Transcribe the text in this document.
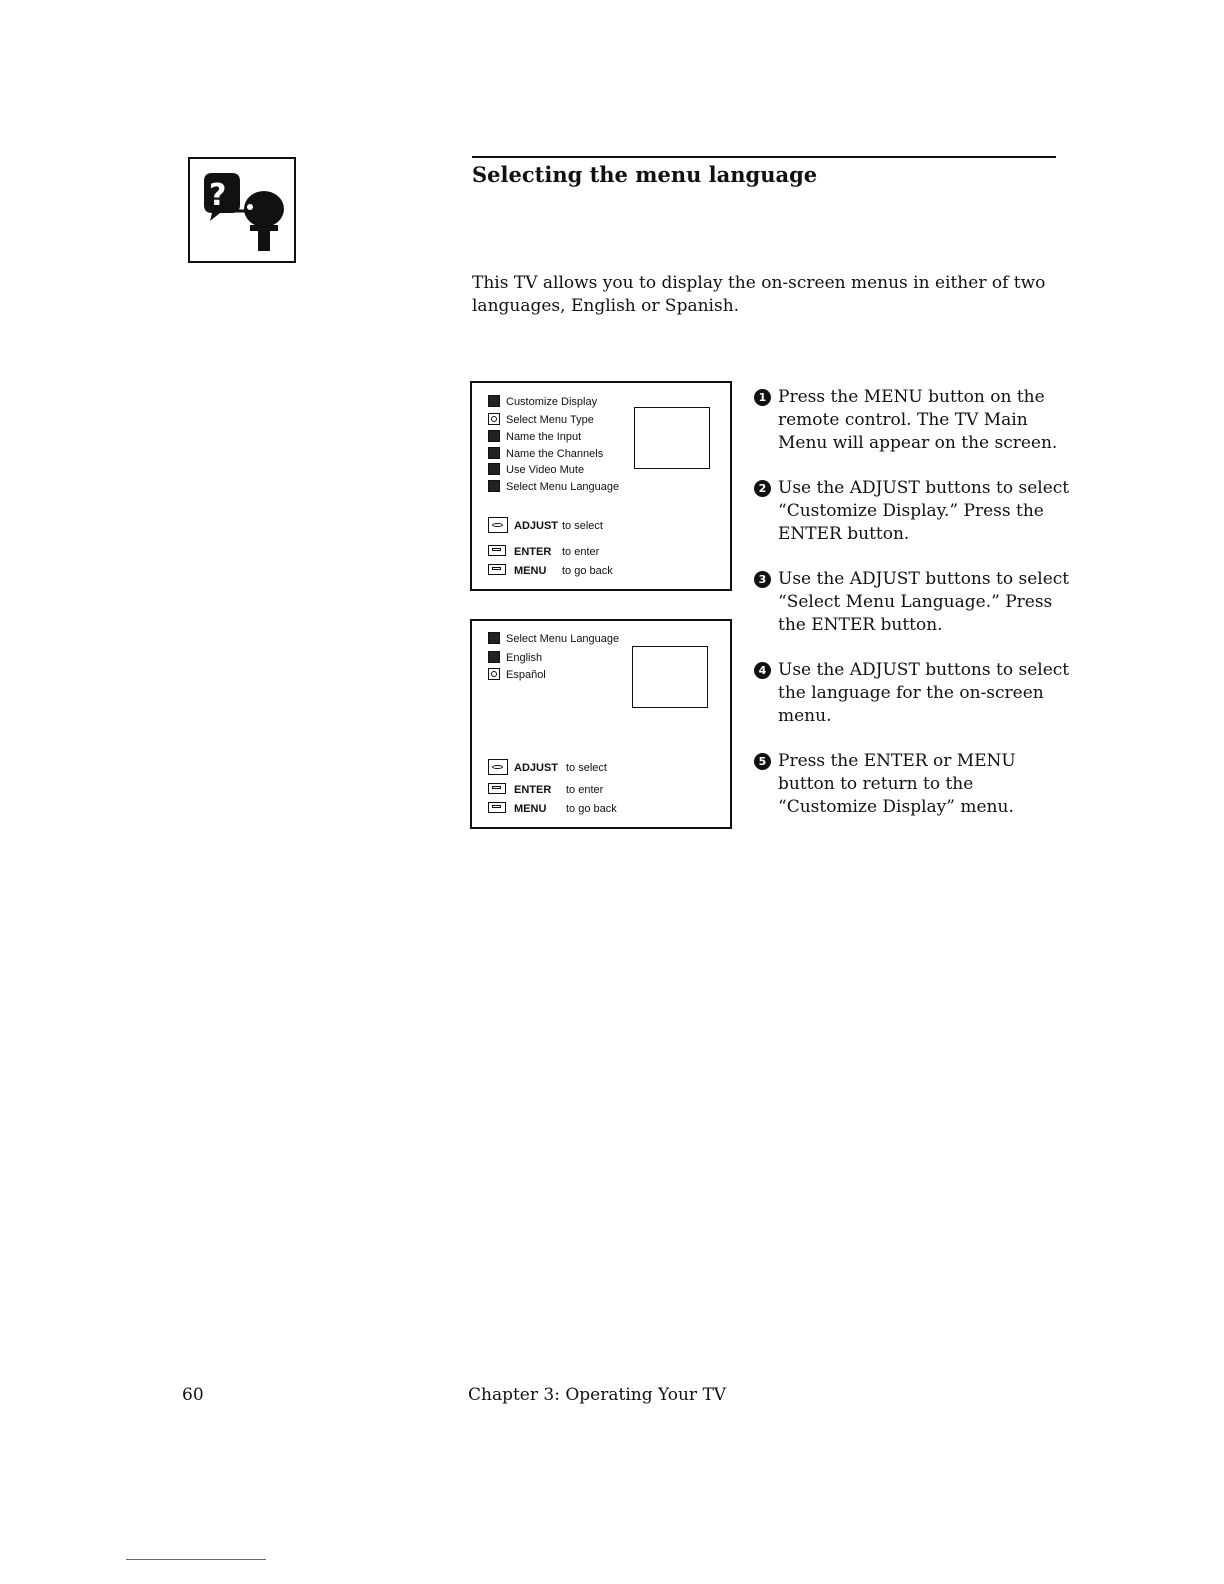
?
Selecting the menu language
This TV allows you to display the on-screen menus in either of two languages, English or Spanish.
Customize Display
Select Menu Type
Name the Input
Name the Channels
Use Video Mute
Select Menu Language
ADJUST to select
ENTER to enter
MENU to go back
Select Menu Language
English
Español
ADJUST to select
ENTER to enter
MENU to go back
1 Press the MENU button on the remote control. The TV Main Menu will appear on the screen.
2 Use the ADJUST buttons to select “Customize Display.” Press the ENTER button.
3 Use the ADJUST buttons to select “Select Menu Language.” Press the ENTER button.
4 Use the ADJUST buttons to select the language for the on-screen menu.
5 Press the ENTER or MENU button to return to the “Customize Display” menu.
60	Chapter 3: Operating Your TV
